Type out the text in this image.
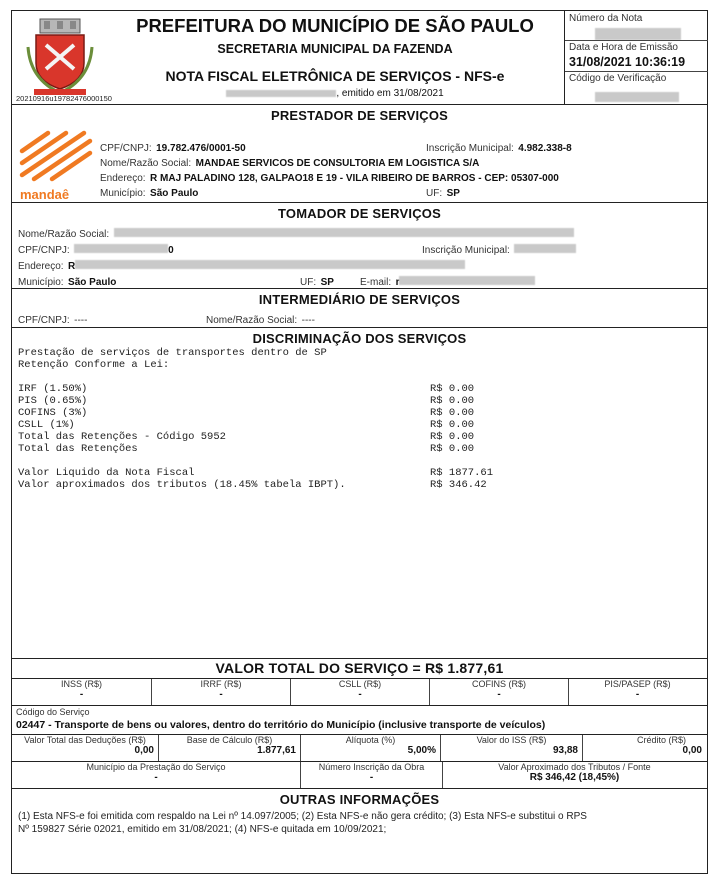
20210916u19782476000150
PREFEITURA DO MUNICÍPIO DE SÃO PAULO
SECRETARIA MUNICIPAL DA FAZENDA
NOTA FISCAL ELETRÔNICA DE SERVIÇOS - NFS-e
, emitido em 31/08/2021
Número da Nota
Data e Hora de Emissão
31/08/2021 10:36:19
Código de Verificação
PRESTADOR DE SERVIÇOS
mandaê
CPF/CNPJ: 19.782.476/0001-50	Inscrição Municipal: 4.982.338-8
Nome/Razão Social: MANDAE SERVICOS DE CONSULTORIA EM LOGISTICA S/A
Endereço: R MAJ PALADINO 128, GALPAO18 E 19 - VILA RIBEIRO DE BARROS - CEP: 05307-000
Município: São Paulo	UF: SP
TOMADOR DE SERVIÇOS
Nome/Razão Social:
CPF/CNPJ:	0	Inscrição Municipal:
Endereço: R
Município: São Paulo	UF: SP	E-mail: r
INTERMEDIÁRIO DE SERVIÇOS
CPF/CNPJ: ----	Nome/Razão Social: ----
DISCRIMINAÇÃO DOS SERVIÇOS
Prestação de serviços de transportes dentro de SP
Retenção Conforme a Lei:
IRF (1.50%)	R$ 0.00
PIS (0.65%)	R$ 0.00
COFINS (3%)	R$ 0.00
CSLL (1%)	R$ 0.00
Total das Retenções - Código 5952	R$ 0.00
Total das Retenções	R$ 0.00
Valor Liquido da Nota Fiscal	R$ 1877.61
Valor aproximados dos tributos (18.45% tabela IBPT).	R$ 346.42
VALOR TOTAL DO SERVIÇO = R$ 1.877,61
INSS (R$)
-
IRRF (R$)
-
CSLL (R$)
-
COFINS (R$)
-
PIS/PASEP (R$)
-
Código do Serviço
02447 - Transporte de bens ou valores, dentro do território do Município (inclusive transporte de veículos)
Valor Total das Deduções (R$)
0,00
Base de Cálculo (R$)
1.877,61
Alíquota (%)
5,00%
Valor do ISS (R$)
93,88
Crédito (R$)
0,00
Município da Prestação do Serviço
-
Número Inscrição da Obra
-
Valor Aproximado dos Tributos / Fonte
R$ 346,42 (18,45%)
OUTRAS INFORMAÇÕES
(1) Esta NFS-e foi emitida com respaldo na Lei nº 14.097/2005; (2) Esta NFS-e não gera crédito; (3) Esta NFS-e substitui o RPS
Nº 159827 Série 02021, emitido em 31/08/2021; (4) NFS-e quitada em 10/09/2021;
